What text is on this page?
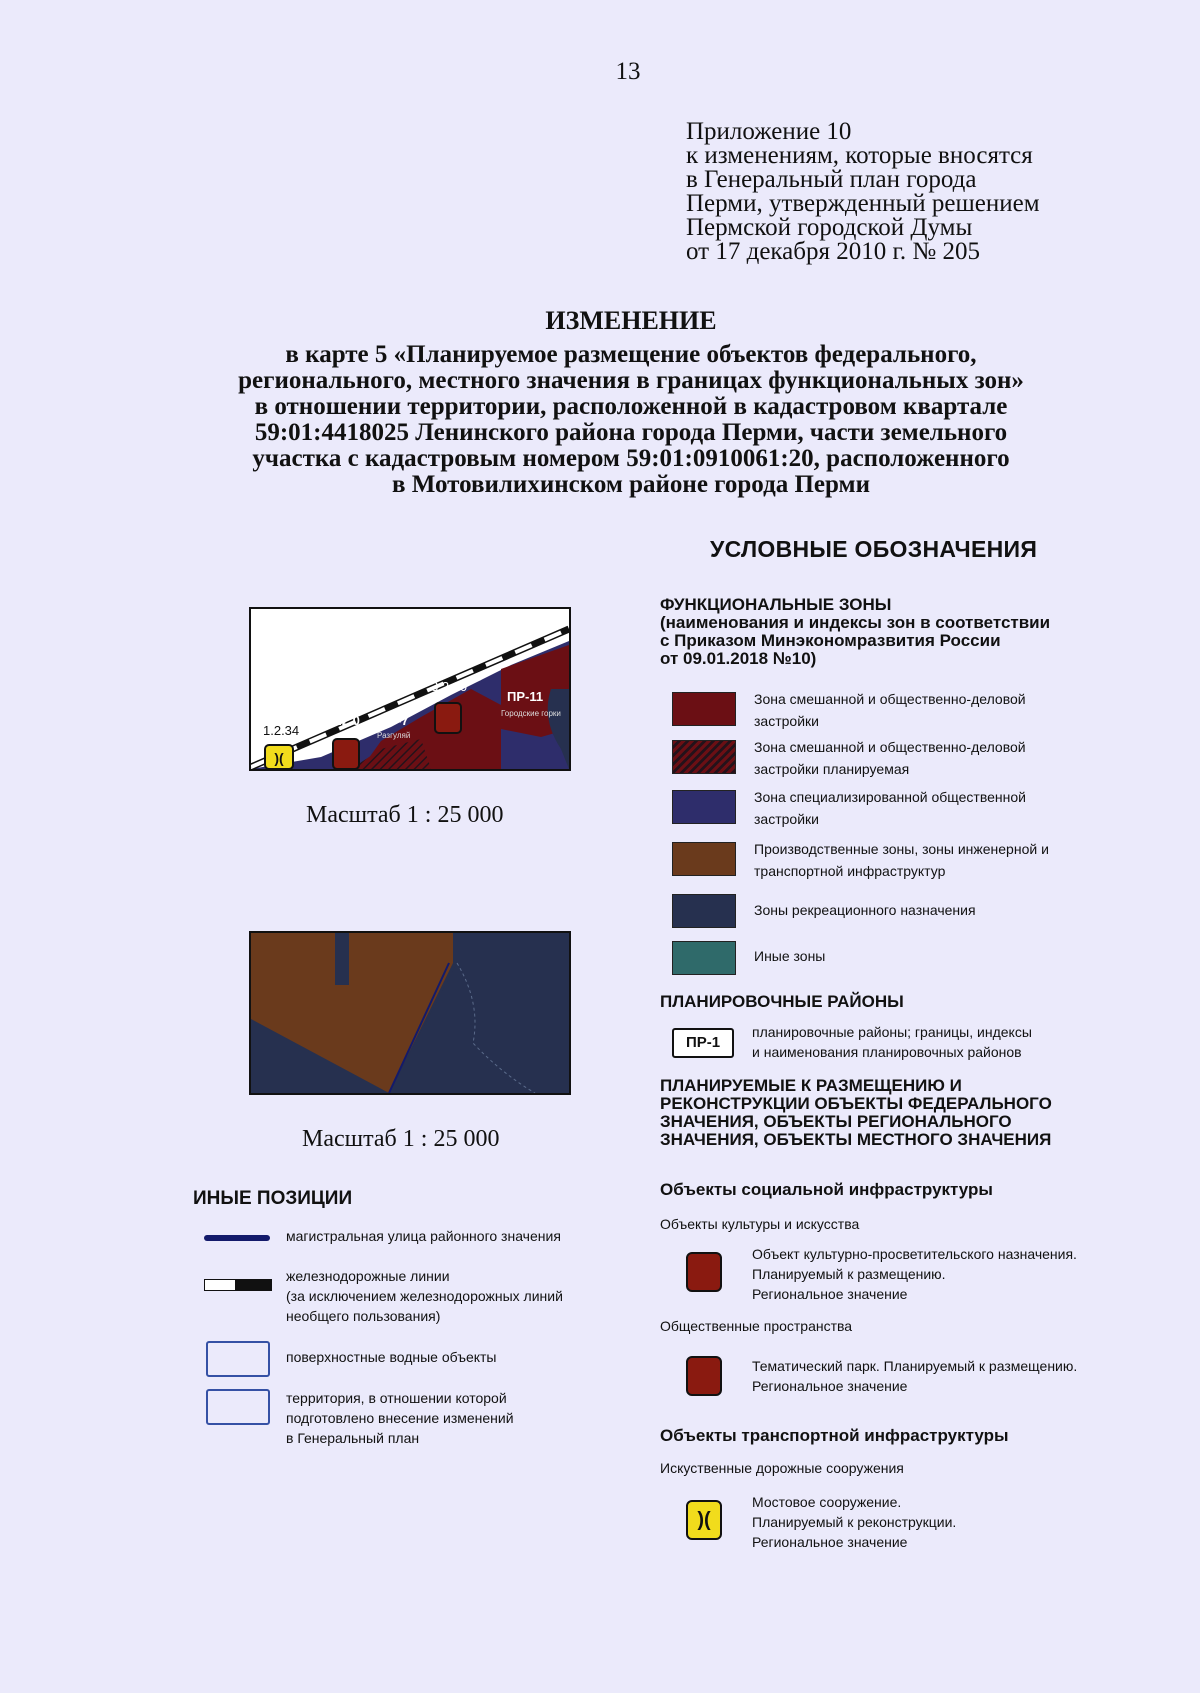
13
Приложение 10
к изменениям, которые вносятся
в Генеральный план города
Перми, утвержденный решением
Пермской городской Думы
от 17 декабря 2010 г. № 205
ИЗМЕНЕНИЕ
в карте 5 «Планируемое размещение объектов федерального,
регионального, местного значения в границах функциональных зон»
в отношении территории, расположенной в кадастровом квартале
59:01:4418025 Ленинского района города Перми, части земельного
участка с кадастровым номером 59:01:0910061:20, расположенного
в Мотовилихинском районе города Перми
)(
1.2.34
3.2.0
3.2.10
ПР-7
Разгуляй
ПР-11
Городские горки
Масштаб 1 : 25 000
Масштаб 1 : 25 000
ИНЫЕ ПОЗИЦИИ
магистральная улица районного значения
железнодорожные линии
(за исключением железнодорожных линий
необщего пользования)
поверхностные водные объекты
территория, в отношении которой
подготовлено внесение изменений
в Генеральный план
УСЛОВНЫЕ ОБОЗНАЧЕНИЯ
ФУНКЦИОНАЛЬНЫЕ ЗОНЫ
(наименования и индексы зон в соответствии
с Приказом Минэкономразвития России
от 09.01.2018 №10)
Зона смешанной и общественно-деловой
застройки
Зона смешанной и общественно-деловой
застройки планируемая
Зона специализированной общественной
застройки
Производственные зоны, зоны инженерной и
транспортной инфраструктур
Зоны рекреационного назначения
Иные зоны
ПЛАНИРОВОЧНЫЕ РАЙОНЫ
ПР-1
планировочные районы; границы, индексы
и наименования планировочных районов
ПЛАНИРУЕМЫЕ К РАЗМЕЩЕНИЮ И
РЕКОНСТРУКЦИИ ОБЪЕКТЫ ФЕДЕРАЛЬНОГО
ЗНАЧЕНИЯ, ОБЪЕКТЫ РЕГИОНАЛЬНОГО
ЗНАЧЕНИЯ, ОБЪЕКТЫ МЕСТНОГО ЗНАЧЕНИЯ
Объекты социальной инфраструктуры
Объекты культуры и искусства
Объект культурно-просветительского назначения.
Планируемый к размещению.
Региональное значение
Общественные пространства
Тематический парк. Планируемый к размещению.
Региональное значение
Объекты транспортной инфраструктуры
Искуственные дорожные сооружения
)(
Мостовое сооружение.
Планируемый к реконструкции.
Региональное значение
